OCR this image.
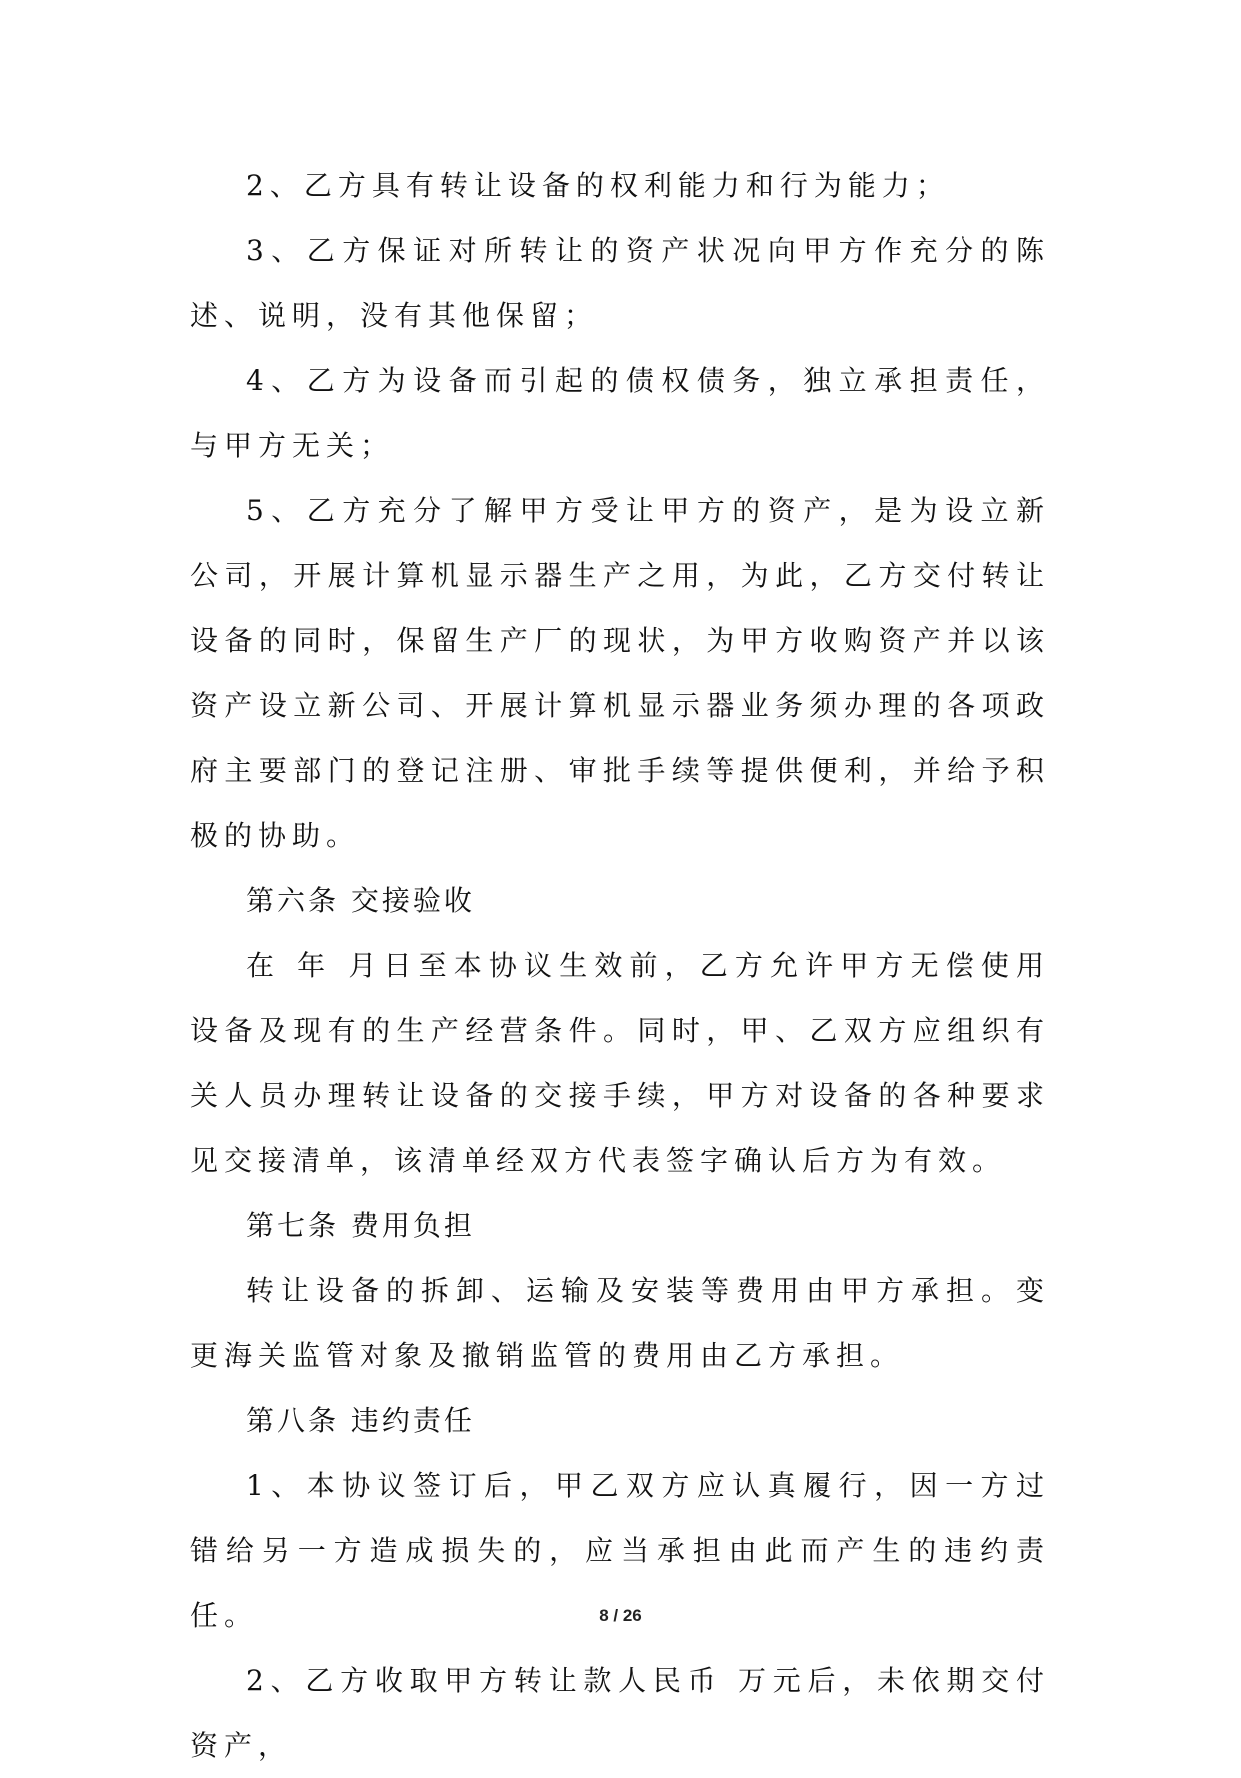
2、乙方具有转让设备的权利能力和行为能力；

3、乙方保证对所转让的资产状况向甲方作充分的陈述、说明，没有其他保留；

4、乙方为设备而引起的债权债务，独立承担责任，与甲方无关；

5、乙方充分了解甲方受让甲方的资产，是为设立新公司，开展计算机显示器生产之用，为此，乙方交付转让设备的同时，保留生产厂的现状，为甲方收购资产并以该资产设立新公司、开展计算机显示器业务须办理的各项政府主要部门的登记注册、审批手续等提供便利，并给予积极的协助。

第六条 交接验收

在 年 月日至本协议生效前，乙方允许甲方无偿使用设备及现有的生产经营条件。同时，甲、乙双方应组织有关人员办理转让设备的交接手续，甲方对设备的各种要求见交接清单，该清单经双方代表签字确认后方为有效。

第七条 费用负担

转让设备的拆卸、运输及安装等费用由甲方承担。变更海关监管对象及撤销监管的费用由乙方承担。

第八条 违约责任

1、本协议签订后，甲乙双方应认真履行，因一方过错给另一方造成损失的，应当承担由此而产生的违约责任。

2、乙方收取甲方转让款人民币 万元后，未依期交付资产，

8 / 26
